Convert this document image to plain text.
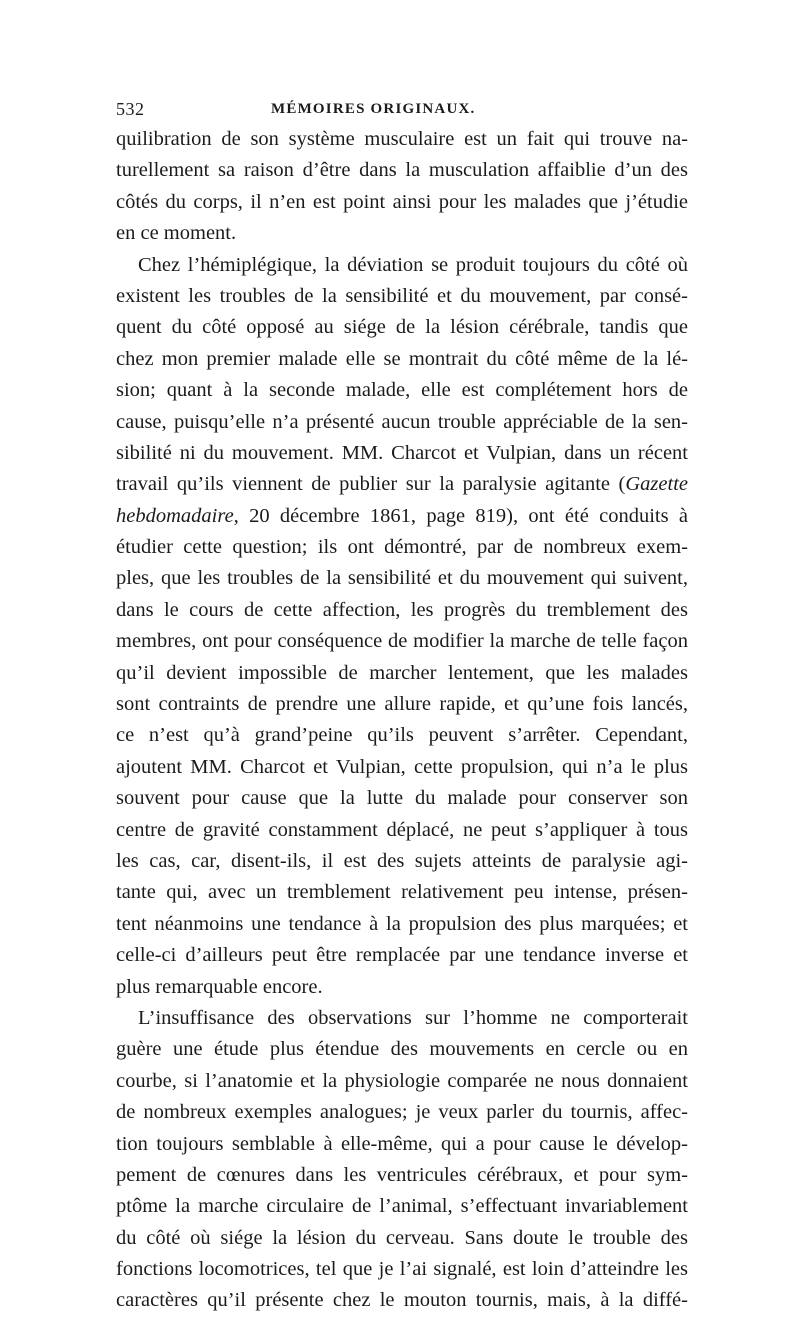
532	MÉMOIRES ORIGINAUX.
quilibration de son système musculaire est un fait qui trouve na-
turellement sa raison d’être dans la musculation affaiblie d’un des
côtés du corps, il n’en est point ainsi pour les malades que j’étudie
en ce moment.
Chez l’hémiplégique, la déviation se produit toujours du côté où
existent les troubles de la sensibilité et du mouvement, par consé-
quent du côté opposé au siége de la lésion cérébrale, tandis que
chez mon premier malade elle se montrait du côté même de la lé-
sion; quant à la seconde malade, elle est complétement hors de
cause, puisqu’elle n’a présenté aucun trouble appréciable de la sen-
sibilité ni du mouvement. MM. Charcot et Vulpian, dans un récent
travail qu’ils viennent de publier sur la paralysie agitante (Gazette
hebdomadaire, 20 décembre 1861, page 819), ont été conduits à
étudier cette question; ils ont démontré, par de nombreux exem-
ples, que les troubles de la sensibilité et du mouvement qui suivent,
dans le cours de cette affection, les progrès du tremblement des
membres, ont pour conséquence de modifier la marche de telle façon
qu’il devient impossible de marcher lentement, que les malades
sont contraints de prendre une allure rapide, et qu’une fois lancés,
ce n’est qu’à grand’peine qu’ils peuvent s’arrêter. Cependant,
ajoutent MM. Charcot et Vulpian, cette propulsion, qui n’a le plus
souvent pour cause que la lutte du malade pour conserver son
centre de gravité constamment déplacé, ne peut s’appliquer à tous
les cas, car, disent-ils, il est des sujets atteints de paralysie agi-
tante qui, avec un tremblement relativement peu intense, présen-
tent néanmoins une tendance à la propulsion des plus marquées; et
celle-ci d’ailleurs peut être remplacée par une tendance inverse et
plus remarquable encore.
L’insuffisance des observations sur l’homme ne comporterait
guère une étude plus étendue des mouvements en cercle ou en
courbe, si l’anatomie et la physiologie comparée ne nous donnaient
de nombreux exemples analogues; je veux parler du tournis, affec-
tion toujours semblable à elle-même, qui a pour cause le dévelop-
pement de cœnures dans les ventricules cérébraux, et pour sym-
ptôme la marche circulaire de l’animal, s’effectuant invariablement
du côté où siége la lésion du cerveau. Sans doute le trouble des
fonctions locomotrices, tel que je l’ai signalé, est loin d’atteindre les
caractères qu’il présente chez le mouton tournis, mais, à la diffé-
